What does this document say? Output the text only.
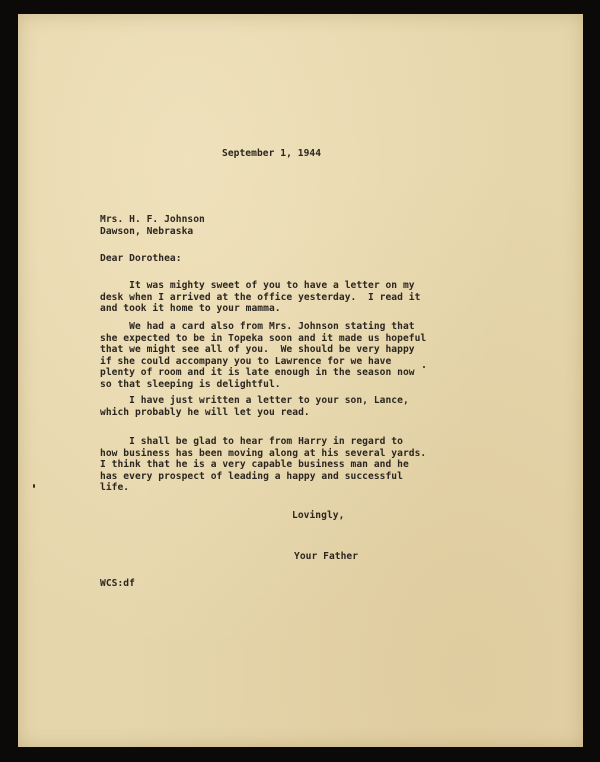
September 1, 1944
Mrs. H. F. Johnson
Dawson, Nebraska
Dear Dorothea:
It was mighty sweet of you to have a letter on my
desk when I arrived at the office yesterday.  I read it
and took it home to your mamma.
We had a card also from Mrs. Johnson stating that
she expected to be in Topeka soon and it made us hopeful
that we might see all of you.  We should be very happy
if she could accompany you to Lawrence for we have
plenty of room and it is late enough in the season now
so that sleeping is delightful.
I have just written a letter to your son, Lance,
which probably he will let you read.
I shall be glad to hear from Harry in regard to
how business has been moving along at his several yards.
I think that he is a very capable business man and he
has every prospect of leading a happy and successful
life.
Lovingly,
Your Father
WCS:df
